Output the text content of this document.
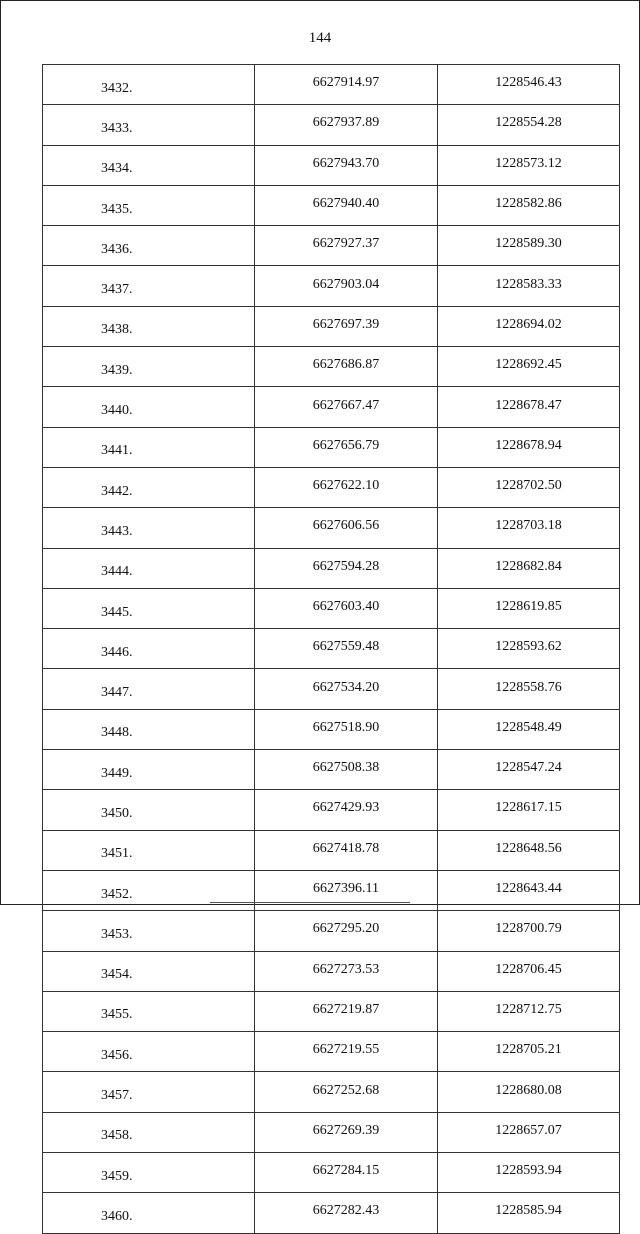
144
3432.	6627914.97	1228546.43
3433.	6627937.89	1228554.28
3434.	6627943.70	1228573.12
3435.	6627940.40	1228582.86
3436.	6627927.37	1228589.30
3437.	6627903.04	1228583.33
3438.	6627697.39	1228694.02
3439.	6627686.87	1228692.45
3440.	6627667.47	1228678.47
3441.	6627656.79	1228678.94
3442.	6627622.10	1228702.50
3443.	6627606.56	1228703.18
3444.	6627594.28	1228682.84
3445.	6627603.40	1228619.85
3446.	6627559.48	1228593.62
3447.	6627534.20	1228558.76
3448.	6627518.90	1228548.49
3449.	6627508.38	1228547.24
3450.	6627429.93	1228617.15
3451.	6627418.78	1228648.56
3452.	6627396.11	1228643.44
3453.	6627295.20	1228700.79
3454.	6627273.53	1228706.45
3455.	6627219.87	1228712.75
3456.	6627219.55	1228705.21
3457.	6627252.68	1228680.08
3458.	6627269.39	1228657.07
3459.	6627284.15	1228593.94
3460.	6627282.43	1228585.94
